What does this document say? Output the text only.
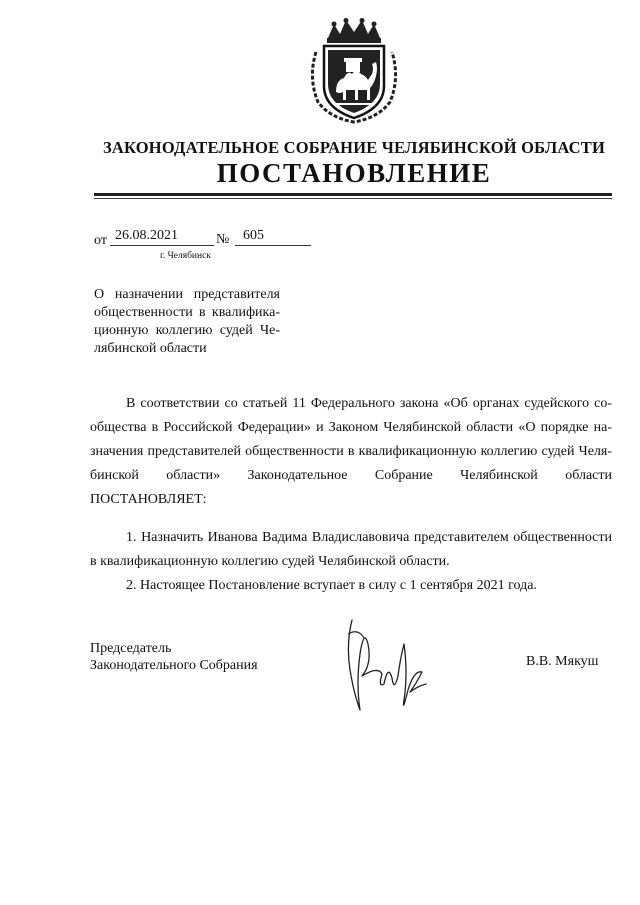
ЗАКОНОДАТЕЛЬНОЕ СОБРАНИЕ ЧЕЛЯБИНСКОЙ ОБЛАСТИ
ПОСТАНОВЛЕНИЕ
от 26.08.2021	№ 605
г. Челябинск

О назначении представителя общественности в квалифика-ционную коллегию судей Че-лябинской области

В соответствии со статьей 11 Федерального закона «Об органах судейского со-общества в Российской Федерации» и Законом Челябинской области «О порядке на-значения представителей общественности в квалификационную коллегию судей Челя-бинской области» Законодательное Собрание Челябинской области ПОСТАНОВЛЯЕТ:

1. Назначить Иванова Вадима Владиславовича представителем общественности в квалификационную коллегию судей Челябинской области.

2. Настоящее Постановление вступает в силу с 1 сентября 2021 года.

Председатель
Законодательного Собрания	В.В. Мякуш
